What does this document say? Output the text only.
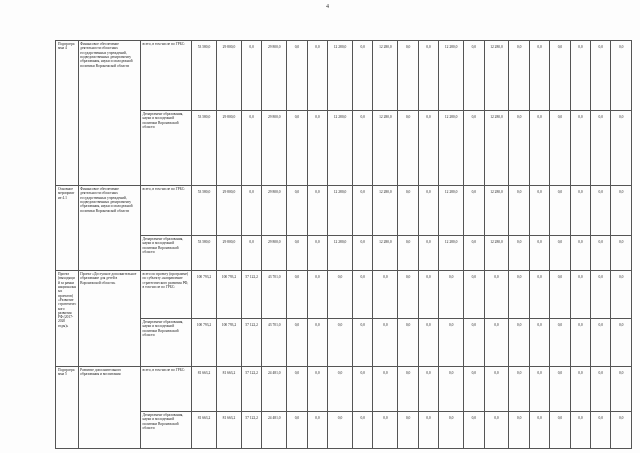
4
Подпрограмма 4	Финансовое обеспечение деятельности областных государственных учреждений, подведомственных департаменту образования, науки и молодежной политики Воронежской области	всего, в том числе по ГРБС:	53 580,0	29 800,0	0,0	29 800,0	0,0	0,0	12 280,0	0,0	12 280,0	0,0	0,0	12 280,0	0,0	12 280,0	0,0	0,0	0,0	0,0	0,0	0,0
		Департамент образования, науки и молодежной политики Воронежской области	53 580,0	29 800,0	0,0	29 800,0	0,0	0,0	12 280,0	0,0	12 280,0	0,0	0,0	12 280,0	0,0	12 280,0	0,0	0,0	0,0	0,0	0,0	0,0
Основное мероприятие 4.1	Финансовое обеспечение деятельности областных государственных учреждений, подведомственных департаменту образования, науки и молодежной политики Воронежской области	всего, в том числе по ГРБС:	53 580,0	29 800,0	0,0	29 800,0	0,0	0,0	12 280,0	0,0	12 280,0	0,0	0,0	12 280,0	0,0	12 280,0	0,0	0,0	0,0	0,0	0,0	0,0
		Департамент образования, науки и молодежной политики Воронежской области	53 580,0	29 800,0	0,0	29 800,0	0,0	0,0	12 280,0	0,0	12 280,0	0,0	0,0	12 280,0	0,0	12 280,0	0,0	0,0	0,0	0,0	0,0	0,0
Проект (выходящий за рамки национальных проектов) «Развитие стратегического развития РФ (2017-2020 годы)»	Проект «Доступное дополнительное образование для детей в Воронежской области»	всего по проекту (программе) по субъекту «направление стратегического развития РФ, в том числе по ГРБС:	100 793,2	100 793,2	57 122,2	43 701,0	0,0	0,0	0,0	0,0	0,0	0,0	0,0	0,0	0,0	0,0	0,0	0,0	0,0	0,0	0,0	0,0
		Департамент образования, науки и молодежной политики Воронежской области	100 793,2	100 793,2	57 122,2	43 701,0	0,0	0,0	0,0	0,0	0,0	0,0	0,0	0,0	0,0	0,0	0,0	0,0	0,0	0,0	0,0	0,0
Подпрограмма 5	Развитие дополнительного образования и воспитания	всего, в том числе по ГРБС:	81 663,2	81 663,2	57 122,2	24 481,0	0,0	0,0	0,0	0,0	0,0	0,0	0,0	0,0	0,0	0,0	0,0	0,0	0,0	0,0	0,0	0,0
		Департамент образования, науки и молодежной политики Воронежской области	81 663,2	81 663,2	57 122,2	24 481,0	0,0	0,0	0,0	0,0	0,0	0,0	0,0	0,0	0,0	0,0	0,0	0,0	0,0	0,0	0,0	0,0
